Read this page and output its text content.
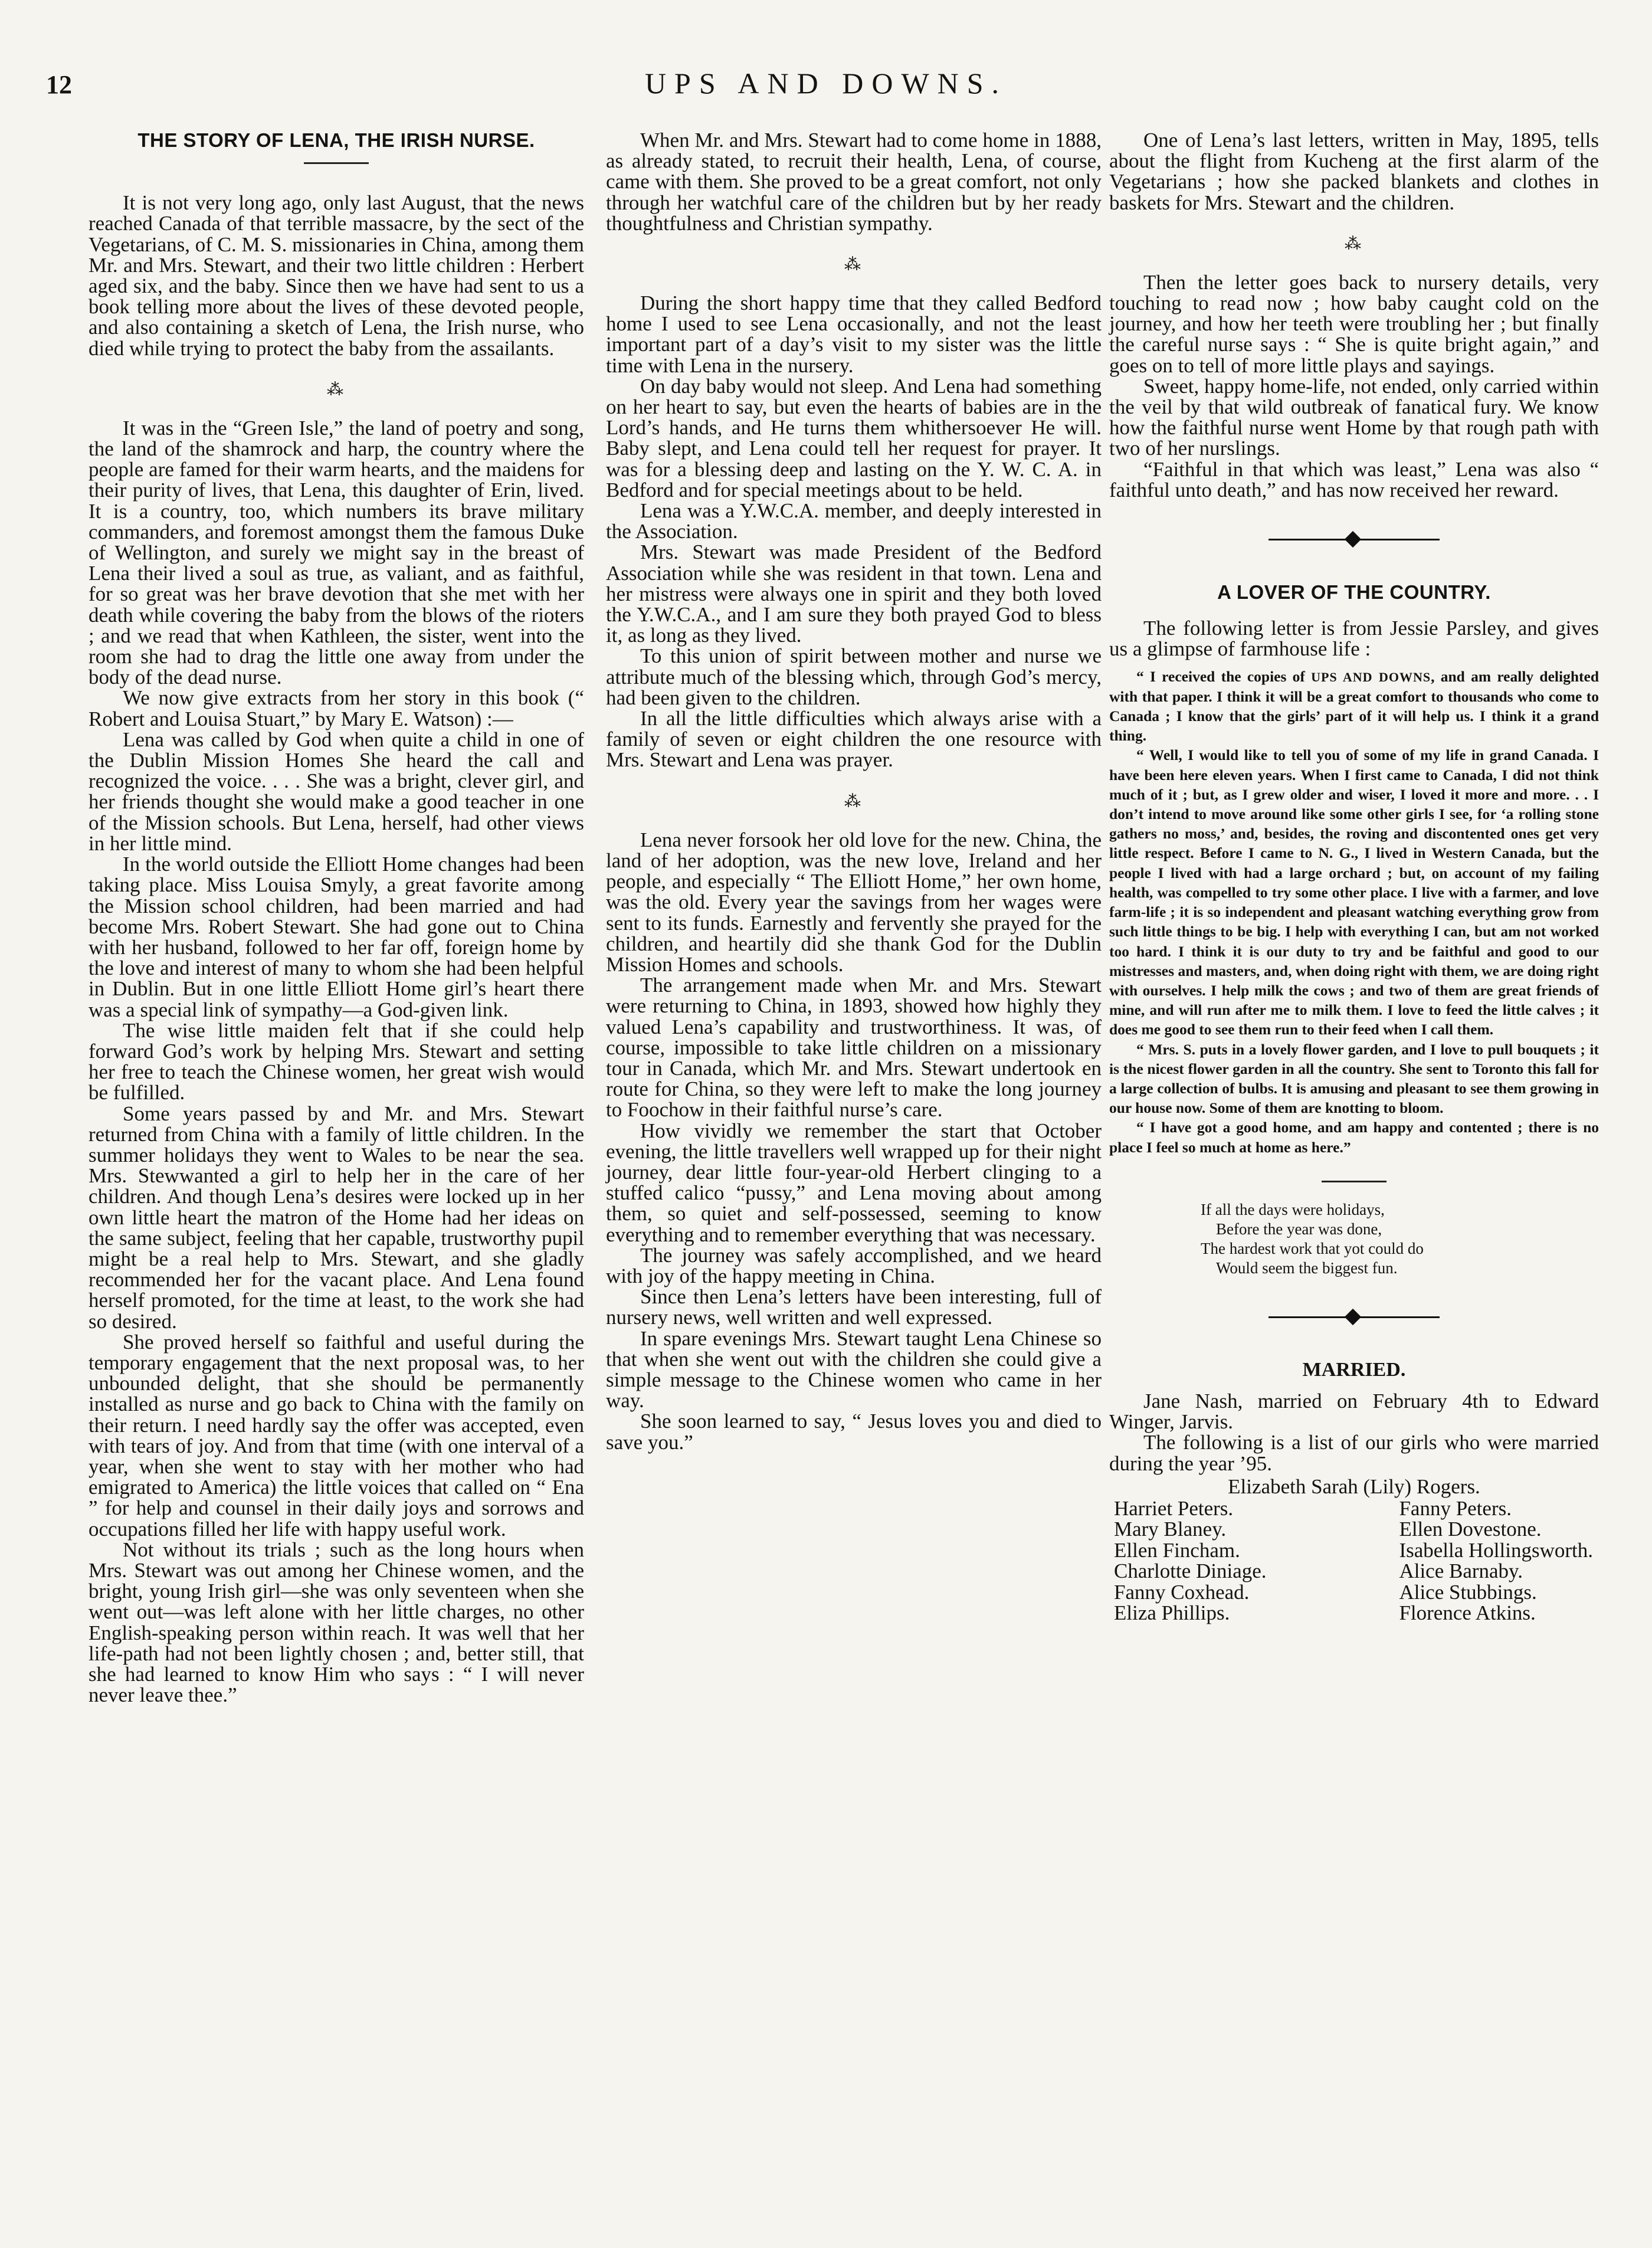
12	UPS AND DOWNS.
THE STORY OF LENA, THE IRISH NURSE.

It is not very long ago, only last August, that the news reached Canada of that terrible massacre, by the sect of the Vegetarians, of C. M. S. missionaries in China, among them Mr. and Mrs. Stewart, and their two little children : Herbert aged six, and the baby. Since then we have had sent to us a book telling more about the lives of these devoted people, and also containing a sketch of Lena, the Irish nurse, who died while trying to protect the baby from the assailants.

⁂

It was in the “Green Isle,” the land of poetry and song, the land of the shamrock and harp, the country where the people are famed for their warm hearts, and the maidens for their purity of lives, that Lena, this daughter of Erin, lived. It is a country, too, which numbers its brave military commanders, and foremost amongst them the famous Duke of Wellington, and surely we might say in the breast of Lena their lived a soul as true, as valiant, and as faithful, for so great was her brave devotion that she met with her death while covering the baby from the blows of the rioters ; and we read that when Kathleen, the sister, went into the room she had to drag the little one away from under the body of the dead nurse.

We now give extracts from her story in this book (“ Robert and Louisa Stuart,” by Mary E. Watson) :—

Lena was called by God when quite a child in one of the Dublin Mission Homes She heard the call and recognized the voice. . . . She was a bright, clever girl, and her friends thought she would make a good teacher in one of the Mission schools. But Lena, herself, had other views in her little mind.

In the world outside the Elliott Home changes had been taking place. Miss Louisa Smyly, a great favorite among the Mission school children, had been married and had become Mrs. Robert Stewart. She had gone out to China with her husband, followed to her far off, foreign home by the love and interest of many to whom she had been helpful in Dublin. But in one little Elliott Home girl’s heart there was a special link of sympathy—a God-given link.

The wise little maiden felt that if she could help forward God’s work by helping Mrs. Stewart and setting her free to teach the Chinese women, her great wish would be fulfilled.

Some years passed by and Mr. and Mrs. Stewart returned from China with a family of little children. In the summer holidays they went to Wales to be near the sea. Mrs. Stewwanted a girl to help her in the care of her children. And though Lena’s desires were locked up in her own little heart the matron of the Home had her ideas on the same subject, feeling that her capable, trustworthy pupil might be a real help to Mrs. Stewart, and she gladly recommended her for the vacant place. And Lena found herself promoted, for the time at least, to the work she had so desired.

She proved herself so faithful and useful during the temporary engagement that the next proposal was, to her unbounded delight, that she should be permanently installed as nurse and go back to China with the family on their return. I need hardly say the offer was accepted, even with tears of joy. And from that time (with one interval of a year, when she went to stay with her mother who had emigrated to America) the little voices that called on “ Ena ” for help and counsel in their daily joys and sorrows and occupations filled her life with happy useful work.

Not without its trials ; such as the long hours when Mrs. Stewart was out among her Chinese women, and the bright, young Irish girl—she was only seventeen when she went out—was left alone with her little charges, no other English-speaking person within reach. It was well that her life-path had not been lightly chosen ; and, better still, that she had learned to know Him who says : “ I will never never leave thee.”

When Mr. and Mrs. Stewart had to come home in 1888, as already stated, to recruit their health, Lena, of course, came with them. She proved to be a great comfort, not only through her watchful care of the children but by her ready thoughtfulness and Christian sympathy.

⁂

During the short happy time that they called Bedford home I used to see Lena occasionally, and not the least important part of a day’s visit to my sister was the little time with Lena in the nursery.

On day baby would not sleep. And Lena had something on her heart to say, but even the hearts of babies are in the Lord’s hands, and He turns them whithersoever He will. Baby slept, and Lena could tell her request for prayer. It was for a blessing deep and lasting on the Y. W. C. A. in Bedford and for special meetings about to be held.

Lena was a Y.W.C.A. member, and deeply interested in the Association.

Mrs. Stewart was made President of the Bedford Association while she was resident in that town. Lena and her mistress were always one in spirit and they both loved the Y.W.C.A., and I am sure they both prayed God to bless it, as long as they lived.

To this union of spirit between mother and nurse we attribute much of the blessing which, through God’s mercy, had been given to the children.

In all the little difficulties which always arise with a family of seven or eight children the one resource with Mrs. Stewart and Lena was prayer.

⁂

Lena never forsook her old love for the new. China, the land of her adoption, was the new love, Ireland and her people, and especially “ The Elliott Home,” her own home, was the old. Every year the savings from her wages were sent to its funds. Earnestly and fervently she prayed for the children, and heartily did she thank God for the Dublin Mission Homes and schools.

The arrangement made when Mr. and Mrs. Stewart were returning to China, in 1893, showed how highly they valued Lena’s capability and trustworthiness. It was, of course, impossible to take little children on a missionary tour in Canada, which Mr. and Mrs. Stewart undertook en route for China, so they were left to make the long journey to Foochow in their faithful nurse’s care.

How vividly we remember the start that October evening, the little travellers well wrapped up for their night journey, dear little four-year-old Herbert clinging to a stuffed calico “pussy,” and Lena moving about among them, so quiet and self-possessed, seeming to know everything and to remember everything that was necessary.

The journey was safely accomplished, and we heard with joy of the happy meeting in China.

Since then Lena’s letters have been interesting, full of nursery news, well written and well expressed.

In spare evenings Mrs. Stewart taught Lena Chinese so that when she went out with the children she could give a simple message to the Chinese women who came in her way.

She soon learned to say, “ Jesus loves you and died to save you.”

One of Lena’s last letters, written in May, 1895, tells about the flight from Kucheng at the first alarm of the Vegetarians ; how she packed blankets and clothes in baskets for Mrs. Stewart and the children.

⁂

Then the letter goes back to nursery details, very touching to read now ; how baby caught cold on the journey, and how her teeth were troubling her ; but finally the careful nurse says : “ She is quite bright again,” and goes on to tell of more little plays and sayings.

Sweet, happy home-life, not ended, only carried within the veil by that wild outbreak of fanatical fury. We know how the faithful nurse went Home by that rough path with two of her nurslings.

“Faithful in that which was least,” Lena was also “ faithful unto death,” and has now received her reward.

A LOVER OF THE COUNTRY.

The following letter is from Jessie Parsley, and gives us a glimpse of farmhouse life :

“ I received the copies of UPS AND DOWNS, and am really delighted with that paper. I think it will be a great comfort to thousands who come to Canada ; I know that the girls’ part of it will help us. I think it a grand thing.

“ Well, I would like to tell you of some of my life in grand Canada. I have been here eleven years. When I first came to Canada, I did not think much of it ; but, as I grew older and wiser, I loved it more and more. . . I don’t intend to move around like some other girls I see, for ‘a rolling stone gathers no moss,’ and, besides, the roving and discontented ones get very little respect. Before I came to N. G., I lived in Western Canada, but the people I lived with had a large orchard ; but, on account of my failing health, was compelled to try some other place. I live with a farmer, and love farm-life ; it is so independent and pleasant watching everything grow from such little things to be big. I help with everything I can, but am not worked too hard. I think it is our duty to try and be faithful and good to our mistresses and masters, and, when doing right with them, we are doing right with ourselves. I help milk the cows ; and two of them are great friends of mine, and will run after me to milk them. I love to feed the little calves ; it does me good to see them run to their feed when I call them.

“ Mrs. S. puts in a lovely flower garden, and I love to pull bouquets ; it is the nicest flower garden in all the country. She sent to Toronto this fall for a large collection of bulbs. It is amusing and pleasant to see them growing in our house now. Some of them are knotting to bloom.

“ I have got a good home, and am happy and contented ; there is no place I feel so much at home as here.”

If all the days were holidays,
Before the year was done,
The hardest work that yot could do
Would seem the biggest fun.
MARRIED.

Jane Nash, married on February 4th to Edward Winger, Jarvis.

The following is a list of our girls who were married during the year ’95.

Elizabeth Sarah (Lily) Rogers.
Harriet Peters.
Mary Blaney.
Ellen Fincham.
Charlotte Diniage.
Fanny Coxhead.
Eliza Phillips.
Fanny Peters.
Ellen Dovestone.
Isabella Hollingsworth.
Alice Barnaby.
Alice Stubbings.
Florence Atkins.
